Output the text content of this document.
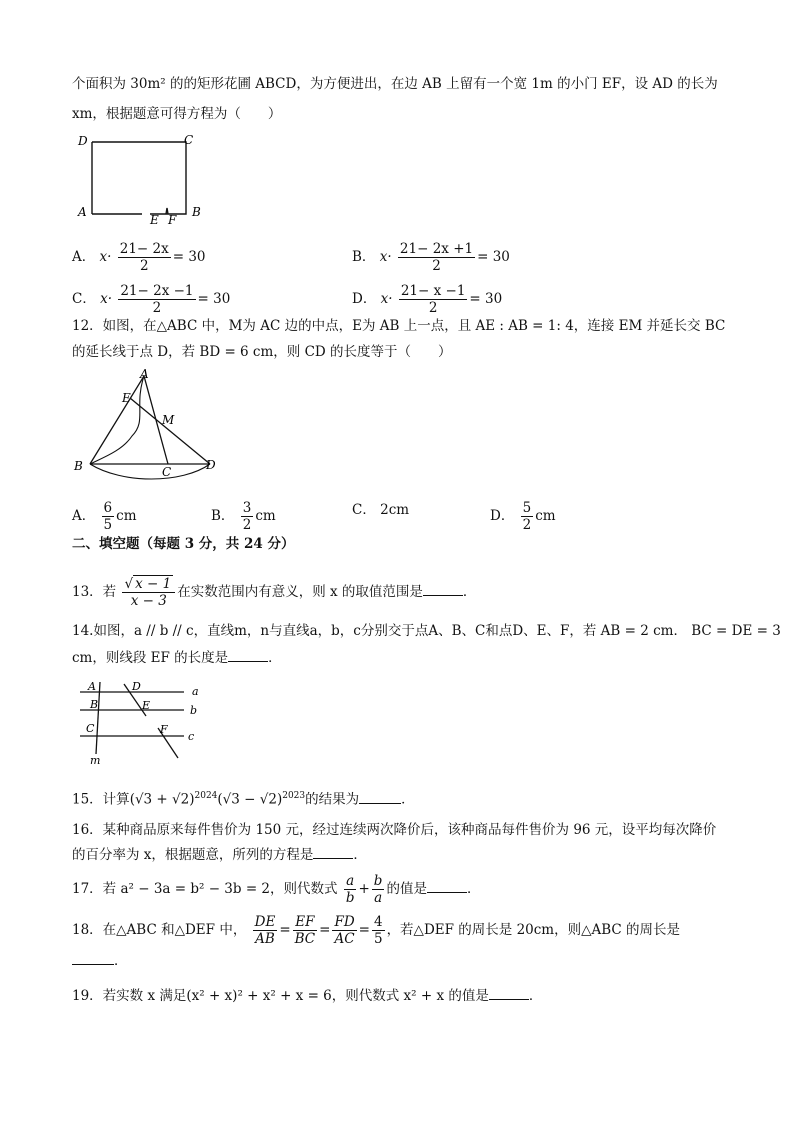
个面积为 30m² 的的矩形花圃 ABCD，为方便进出，在边 AB 上留有一个宽 1m 的小门 EF，设 AD 的长为
xm，根据题意可得方程为（　　）
D	C
A
E F
B
A． $x\cdot \frac{21- 2x}{2} = 30$	B． $x\cdot \frac{21- 2x +1}{2} = 30$
C． $x\cdot \frac{21- 2x -1}{2} = 30$	D． $x\cdot \frac{21- x -1}{2} = 30$
12．如图，在△ABC 中，M为 AC 边的中点，E为 AB 上一点，且 AE : AB = 1: 4，连接 EM 并延长交 BC
的延长线于点 D，若 BD = 6 cm，则 CD 的长度等于（　　）
A
E
M
B	C	D
A． $\frac{6}{5}$ cm	B． $\frac{3}{2}$ cm	C． 2cm	D． $\frac{5}{2}$ cm
二、填空题（每题 3 分，共 24 分）
13．若 $\frac{√ x - 1}{x - 3}$ 在实数范围内有意义，则 x 的取值范围是	．
14.如图，a // b // c，直线m，n与直线a，b，c分别交于点A、B、C和点D、E、F，若 AB = 2 cm． BC = DE = 3
cm，则线段 EF 的长度是	．
A	D
B	E
C	F
a
b
c
m
15．计算$(√3 + √2)^{2024}(√3 - √2)^{2023}$的结果为	．
16．某种商品原来每件售价为 150 元，经过连续两次降价后，该种商品每件售价为 96 元，设平均每次降价
的百分率为 x，根据题意，所列的方程是	．
17．若 a² − 3a = b² − 3b = 2，则代数式 $\frac{a}{b} + \frac{b}{a}$ 的值是	．
18．在△ABC 和△DEF 中， $\frac{DE}{AB} = \frac{EF}{BC} = \frac{FD}{AC} = \frac{4}{5}$ ，若△DEF 的周长是 20cm，则△ABC 的周长是
．
19．若实数 x 满足(x² + x)² + x² + x = 6，则代数式 x² + x 的值是	．
